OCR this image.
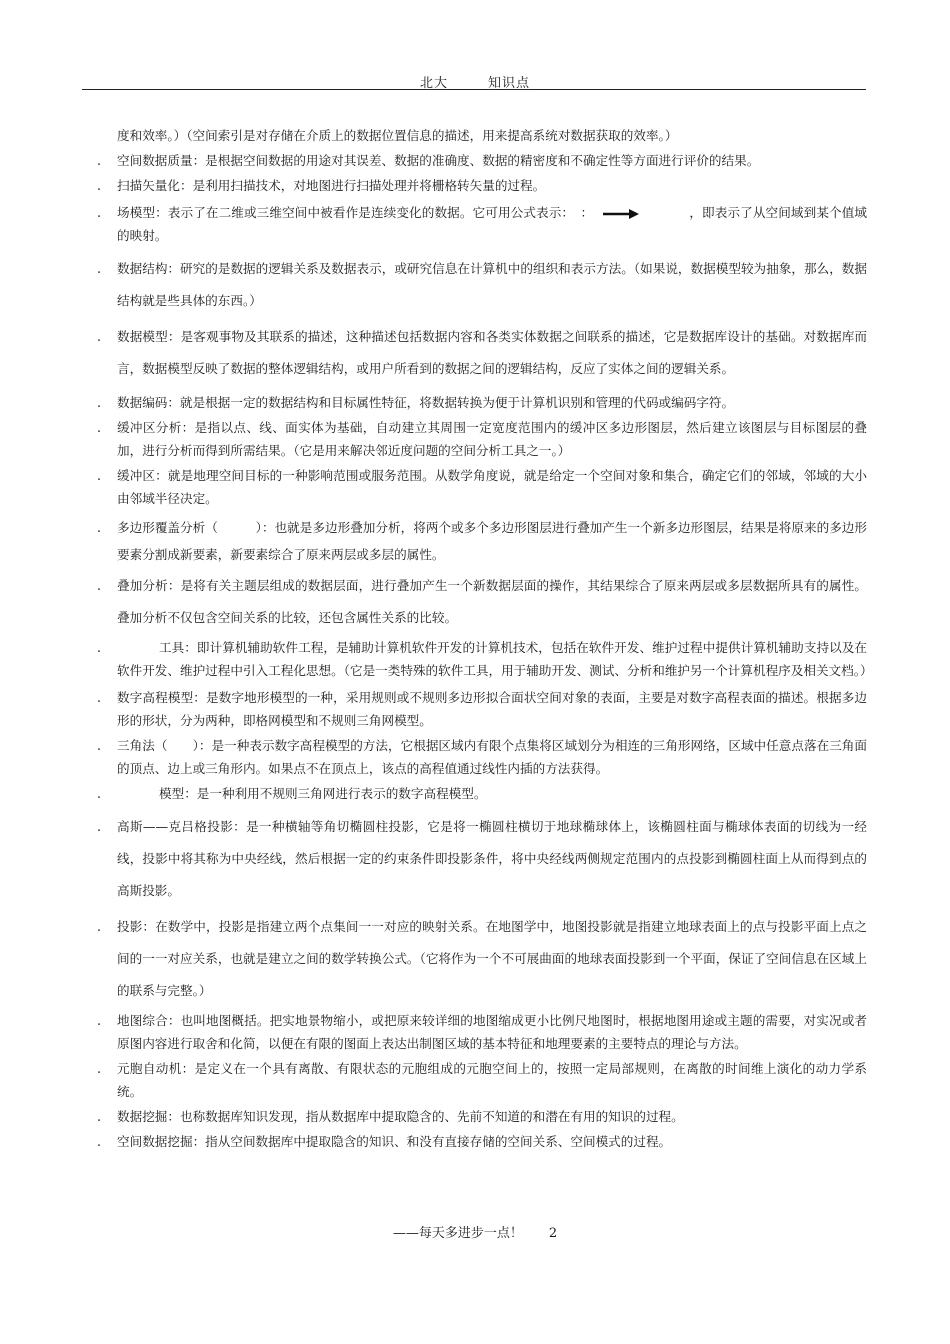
北大	知识点
度和效率。）（空间索引是对存储在介质上的数据位置信息的描述，用来提高系统对数据获取的效率。）
. 空间数据质量：是根据空间数据的用途对其误差、数据的准确度、数据的精密度和不确定性等方面进行评价的结果。
. 扫描矢量化：是利用扫描技术，对地图进行扫描处理并将栅格转矢量的过程。
. 场模型：表示了在二维或三维空间中被看作是连续变化的数据。它可用公式表示：　：	，即表示了从空间域到某个值域的映射。
. 数据结构：研究的是数据的逻辑关系及数据表示，或研究信息在计算机中的组织和表示方法。（如果说，数据模型较为抽象，那么，数据结构就是些具体的东西。）
. 数据模型：是客观事物及其联系的描述，这种描述包括数据内容和各类实体数据之间联系的描述，它是数据库设计的基础。对数据库而言，数据模型反映了数据的整体逻辑结构，或用户所看到的数据之间的逻辑结构，反应了实体之间的逻辑关系。
. 数据编码：就是根据一定的数据结构和目标属性特征，将数据转换为便于计算机识别和管理的代码或编码字符。
. 缓冲区分析：是指以点、线、面实体为基础，自动建立其周围一定宽度范围内的缓冲区多边形图层，然后建立该图层与目标图层的叠加，进行分析而得到所需结果。（它是用来解决邻近度问题的空间分析工具之一。）
. 缓冲区：就是地理空间目标的一种影响范围或服务范围。从数学角度说，就是给定一个空间对象和集合，确定它们的邻域，邻域的大小由邻域半径决定。
. 多边形覆盖分析（　　　）：也就是多边形叠加分析，将两个或多个多边形图层进行叠加产生一个新多边形图层，结果是将原来的多边形要素分割成新要素，新要素综合了原来两层或多层的属性。
. 叠加分析：是将有关主题层组成的数据层面，进行叠加产生一个新数据层面的操作，其结果综合了原来两层或多层数据所具有的属性。叠加分析不仅包含空间关系的比较，还包含属性关系的比较。
.	工具：即计算机辅助软件工程，是辅助计算机软件开发的计算机技术，包括在软件开发、维护过程中提供计算机辅助支持以及在软件开发、维护过程中引入工程化思想。（它是一类特殊的软件工具，用于辅助开发、测试、分析和维护另一个计算机程序及相关文档。）
. 数字高程模型：是数字地形模型的一种，采用规则或不规则多边形拟合面状空间对象的表面，主要是对数字高程表面的描述。根据多边形的形状，分为两种，即格网模型和不规则三角网模型。
. 三角法（　　）：是一种表示数字高程模型的方法，它根据区域内有限个点集将区域划分为相连的三角形网络，区域中任意点落在三角面的顶点、边上或三角形内。如果点不在顶点上，该点的高程值通过线性内插的方法获得。
.	模型：是一种利用不规则三角网进行表示的数字高程模型。
. 高斯——克吕格投影：是一种横轴等角切椭圆柱投影，它是将一椭圆柱横切于地球椭球体上，该椭圆柱面与椭球体表面的切线为一经线，投影中将其称为中央经线，然后根据一定的约束条件即投影条件，将中央经线两侧规定范围内的点投影到椭圆柱面上从而得到点的高斯投影。
. 投影：在数学中，投影是指建立两个点集间一一对应的映射关系。在地图学中，地图投影就是指建立地球表面上的点与投影平面上点之间的一一对应关系，也就是建立之间的数学转换公式。（它将作为一个不可展曲面的地球表面投影到一个平面，保证了空间信息在区域上的联系与完整。）
. 地图综合：也叫地图概括。把实地景物缩小，或把原来较详细的地图缩成更小比例尺地图时，根据地图用途或主题的需要，对实况或者原图内容进行取舍和化简，以便在有限的图面上表达出制图区域的基本特征和地理要素的主要特点的理论与方法。
. 元胞自动机：是定义在一个具有离散、有限状态的元胞组成的元胞空间上的，按照一定局部规则，在离散的时间维上演化的动力学系统。
. 数据挖掘：也称数据库知识发现，指从数据库中提取隐含的、先前不知道的和潜在有用的知识的过程。
. 空间数据挖掘：指从空间数据库中提取隐含的知识、和没有直接存储的空间关系、空间模式的过程。
——每天多进步一点！ 2
